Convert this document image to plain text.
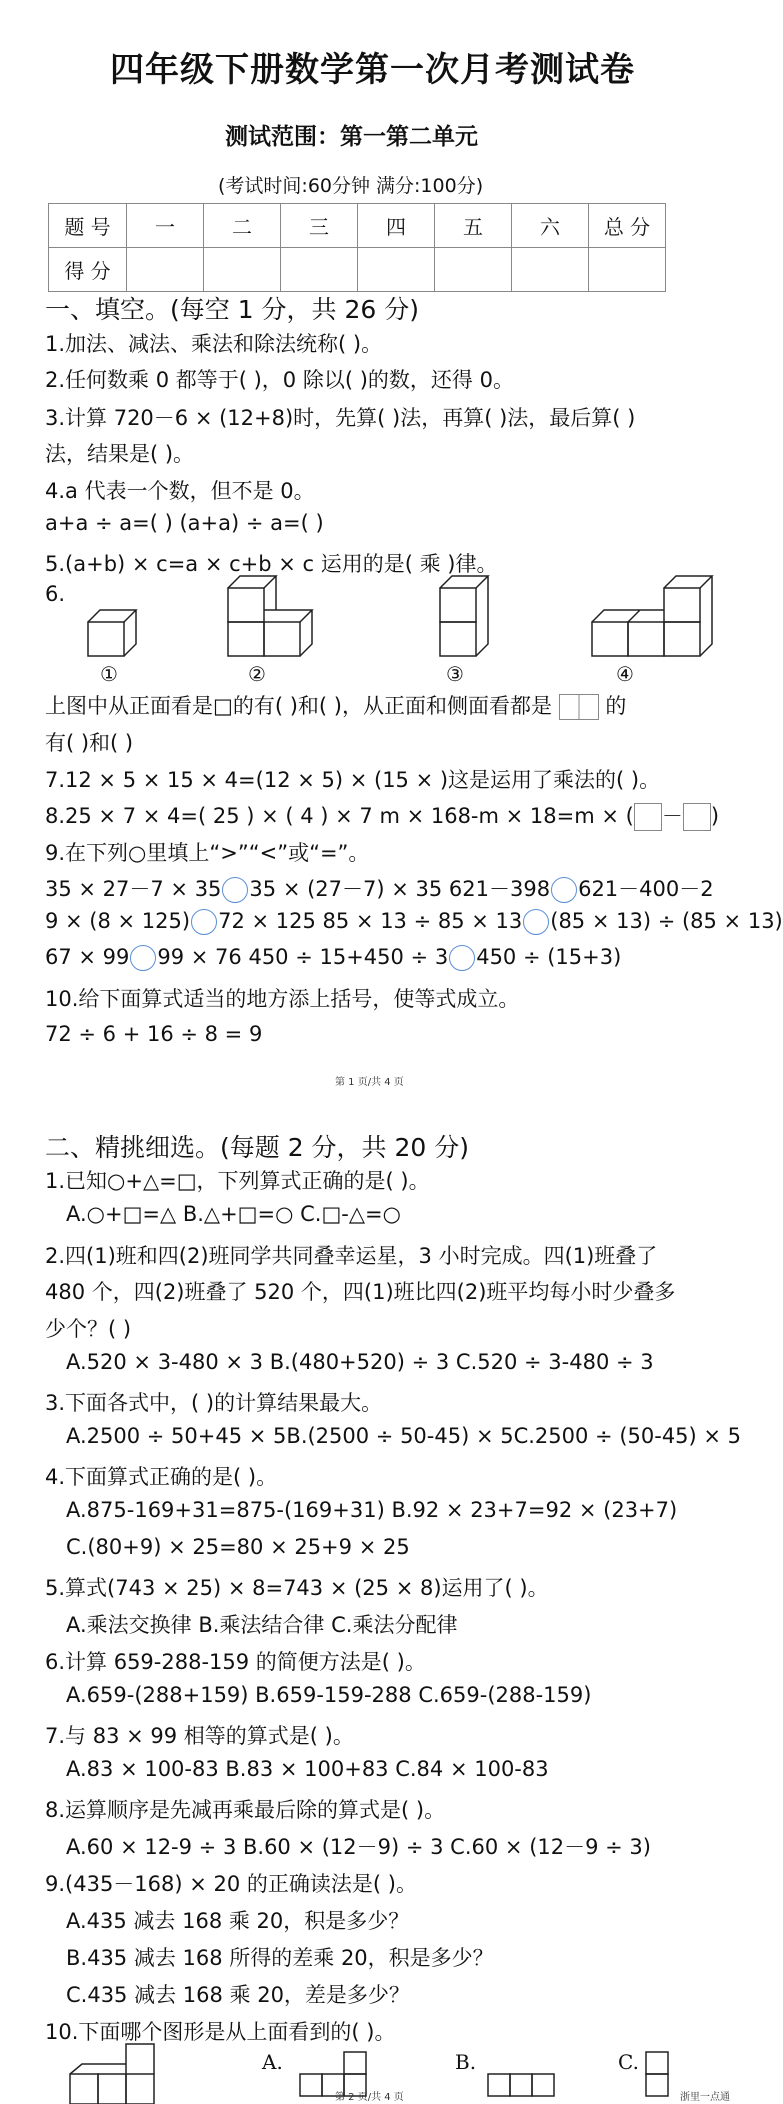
四年级下册数学第一次月考测试卷
测试范围：第一第二单元
(考试时间:60分钟 满分:100分)
题 号	一	二	三	四	五	六	总 分
得 分							
一、填空。(每空 1 分，共 26 分)
1.加法、减法、乘法和除法统称( )。
2.任何数乘 0 都等于( )，0 除以( )的数，还得 0。
3.计算 720－6 × (12+8)时，先算( )法，再算( )法，最后算( )
法，结果是( )。
4.a 代表一个数，但不是 0。
a+a ÷ a=( ) (a+a) ÷ a=( )
5.(a+b) × c=a × c+b × c 运用的是( 乘 )律。
6.
①	②	③	④
上图中从正面看是□的有( )和( )，从正面和侧面看都是	的
有( )和( )
7.12 × 5 × 15 × 4=(12 × 5) × (15 × )这是运用了乘法的( )。
8.25 × 7 × 4=( 25 ) × ( 4 ) × 7 m × 168-m × 18=m × ( － )
9.在下列○里填上“>”“<”或“=”。
35 × 27－7 × 35 35 × (27－7) × 35 621－398 621－400－2
9 × (8 × 125) 72 × 125 85 × 13 ÷ 85 × 13 (85 × 13) ÷ (85 × 13)
67 × 99 99 × 76 450 ÷ 15+450 ÷ 3 450 ÷ (15+3)
10.给下面算式适当的地方添上括号，使等式成立。
72 ÷ 6 + 16 ÷ 8 = 9
第 1 页/共 4 页
二、精挑细选。(每题 2 分，共 20 分)
1.已知○+△=□，下列算式正确的是( )。
A.○+□=△ B.△+□=○ C.□-△=○
2.四(1)班和四(2)班同学共同叠幸运星，3 小时完成。四(1)班叠了
480 个，四(2)班叠了 520 个，四(1)班比四(2)班平均每小时少叠多
少个？( )
A.520 × 3-480 × 3 B.(480+520) ÷ 3 C.520 ÷ 3-480 ÷ 3
3.下面各式中，( )的计算结果最大。
A.2500 ÷ 50+45 × 5B.(2500 ÷ 50-45) × 5C.2500 ÷ (50-45) × 5
4.下面算式正确的是( )。
A.875-169+31=875-(169+31) B.92 × 23+7=92 × (23+7)
C.(80+9) × 25=80 × 25+9 × 25
5.算式(743 × 25) × 8=743 × (25 × 8)运用了( )。
A.乘法交换律 B.乘法结合律 C.乘法分配律
6.计算 659-288-159 的简便方法是( )。
A.659-(288+159) B.659-159-288 C.659-(288-159)
7.与 83 × 99 相等的算式是( )。
A.83 × 100-83 B.83 × 100+83 C.84 × 100-83
8.运算顺序是先减再乘最后除的算式是( )。
A.60 × 12-9 ÷ 3 B.60 × (12－9) ÷ 3 C.60 × (12－9 ÷ 3)
9.(435－168) × 20 的正确读法是( )。
A.435 减去 168 乘 20，积是多少？
B.435 减去 168 所得的差乘 20，积是多少？
C.435 减去 168 乘 20，差是多少？
10.下面哪个图形是从上面看到的( )。
A.	B.	C.
第 2 页/共 4 页	浙里一点通
